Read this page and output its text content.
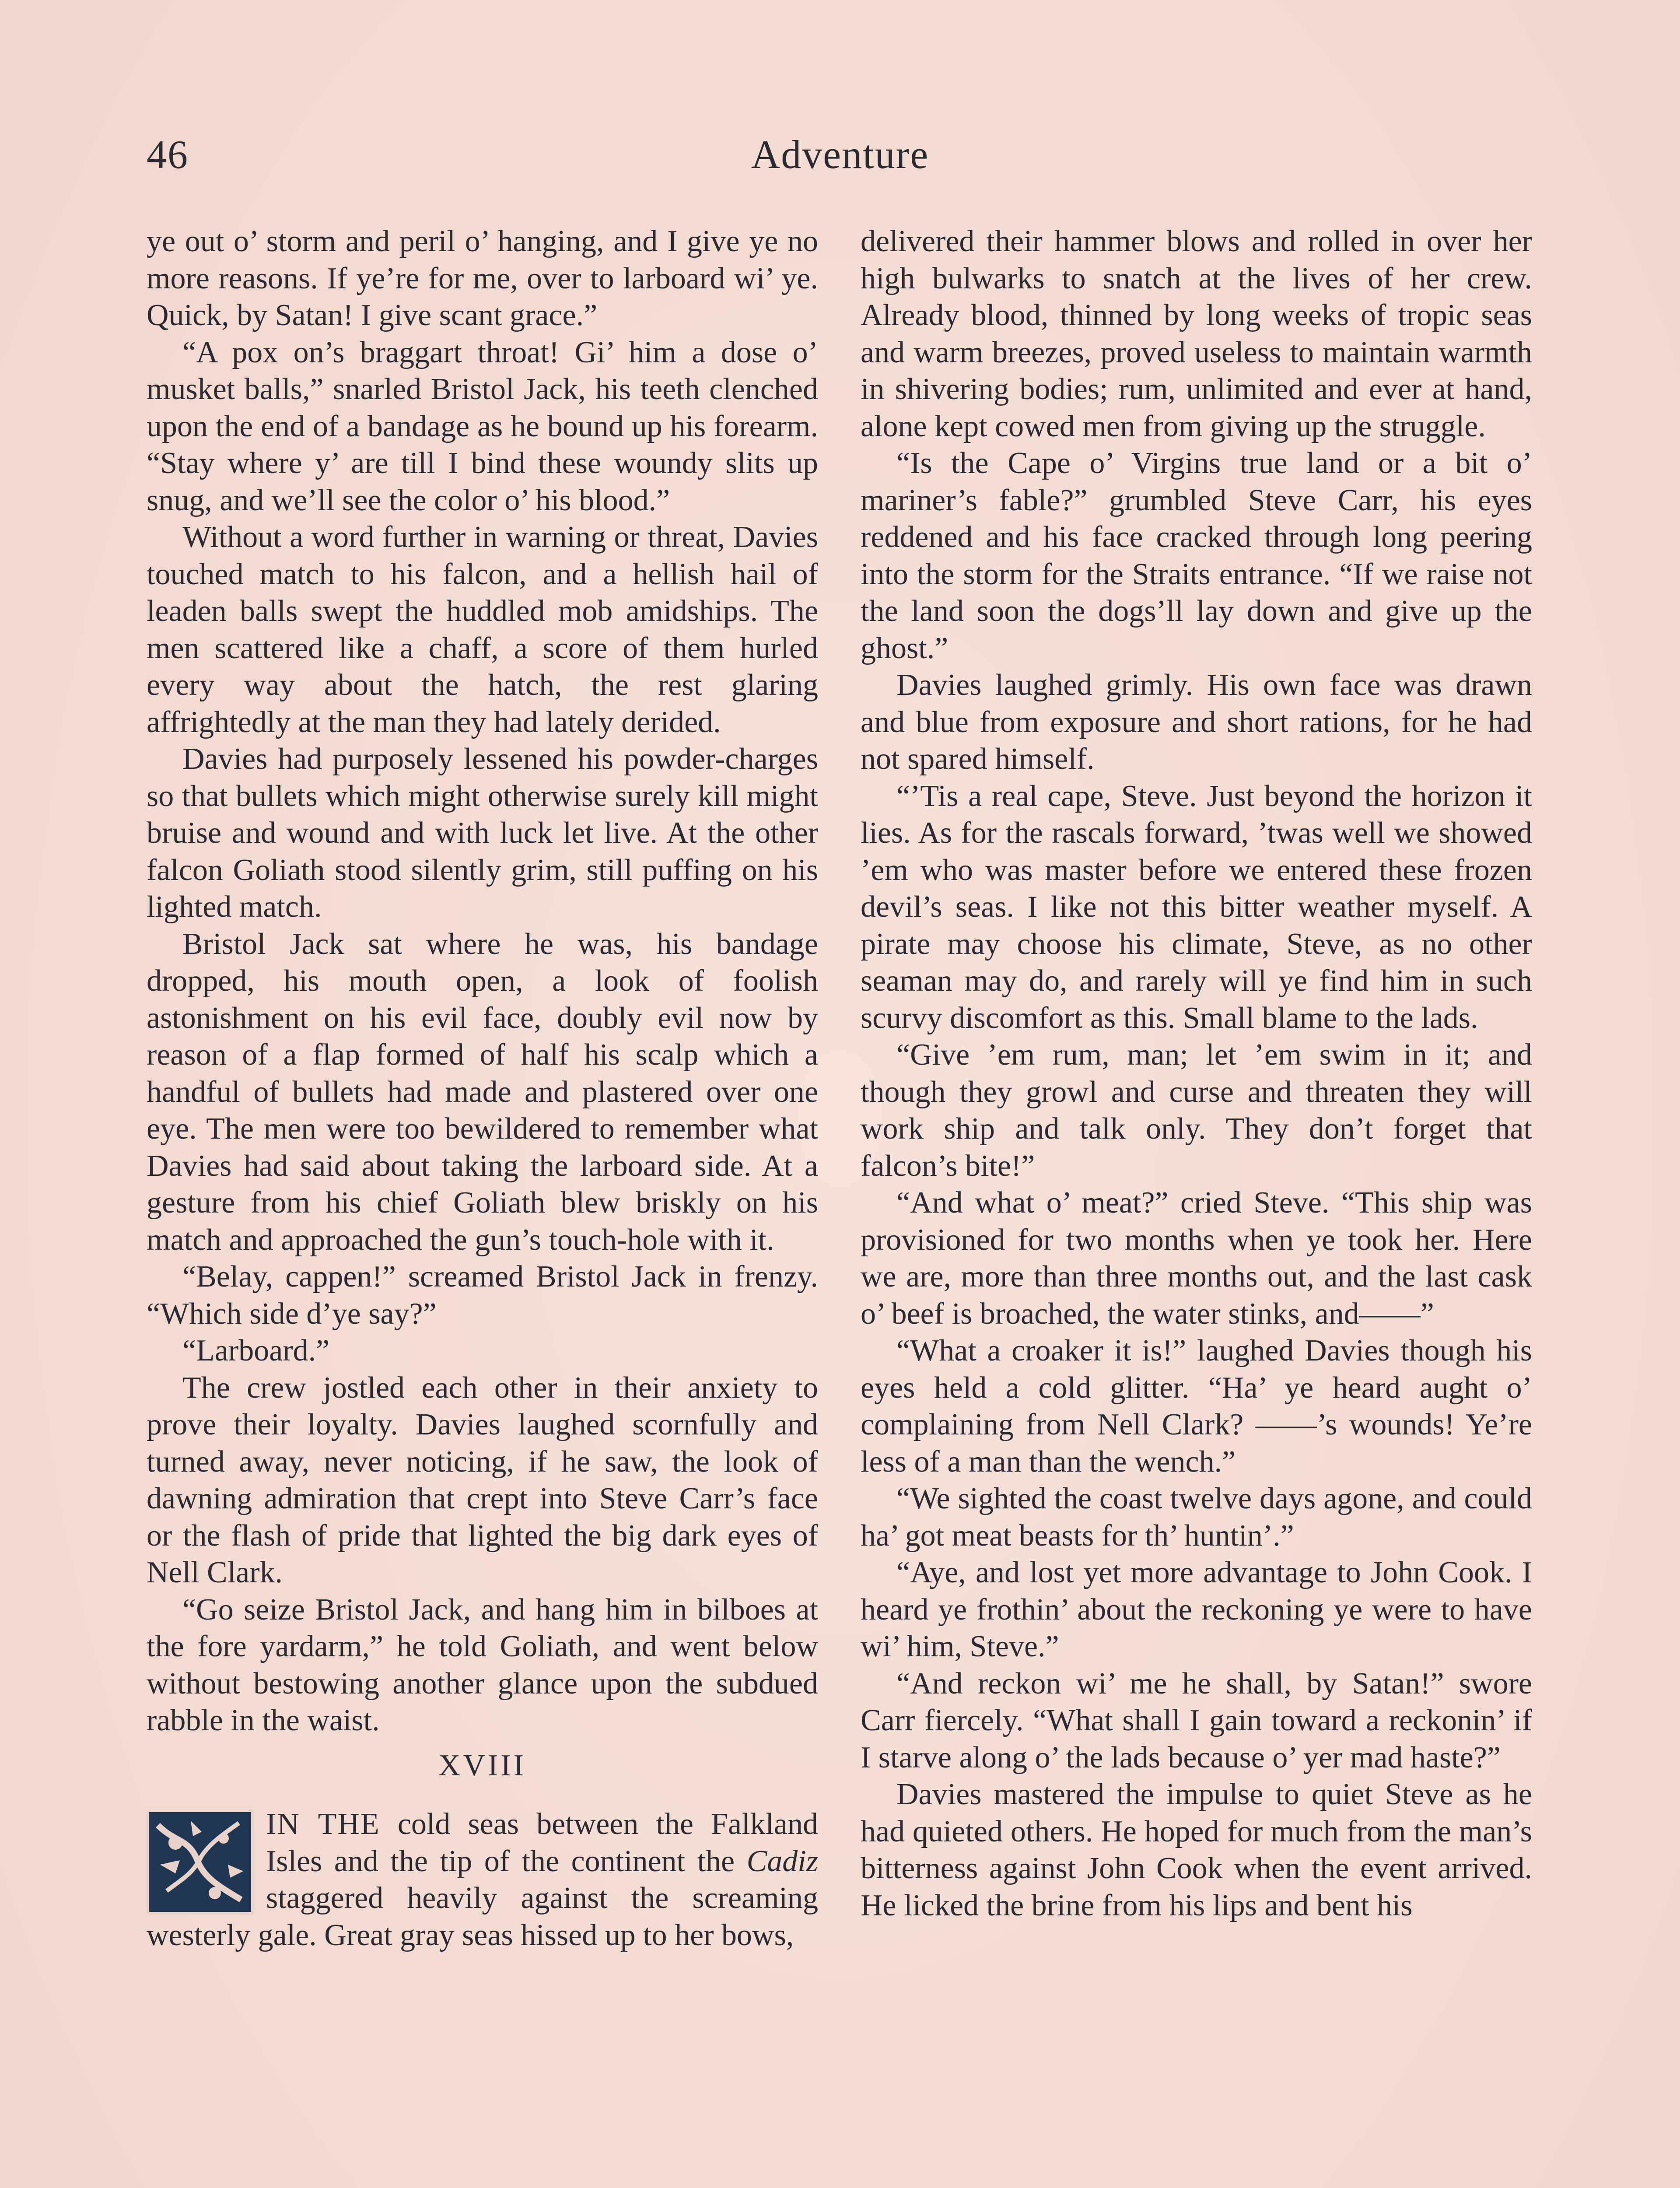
46	Adventure

ye out o’ storm and peril o’ hanging, and I give ye no more reasons. If ye’re for me, over to larboard wi’ ye. Quick, by Satan! I give scant grace.”

“A pox on’s braggart throat! Gi’ him a dose o’ musket balls,” snarled Bristol Jack, his teeth clenched upon the end of a bandage as he bound up his forearm. “Stay where y’ are till I bind these woundy slits up snug, and we’ll see the color o’ his blood.”

Without a word further in warning or threat, Davies touched match to his falcon, and a hellish hail of leaden balls swept the huddled mob amidships. The men scattered like a chaff, a score of them hurled every way about the hatch, the rest glaring affrightedly at the man they had lately derided.

Davies had purposely lessened his powder-charges so that bullets which might otherwise surely kill might bruise and wound and with luck let live. At the other falcon Goliath stood silently grim, still puffing on his lighted match.

Bristol Jack sat where he was, his bandage dropped, his mouth open, a look of foolish astonishment on his evil face, doubly evil now by reason of a flap formed of half his scalp which a handful of bullets had made and plastered over one eye. The men were too bewildered to remember what Davies had said about taking the larboard side. At a gesture from his chief Goliath blew briskly on his match and approached the gun’s touch-hole with it.

“Belay, cappen!” screamed Bristol Jack in frenzy. “Which side d’ye say?”

“Larboard.”

The crew jostled each other in their anxiety to prove their loyalty. Davies laughed scornfully and turned away, never noticing, if he saw, the look of dawning admiration that crept into Steve Carr’s face or the flash of pride that lighted the big dark eyes of Nell Clark.

“Go seize Bristol Jack, and hang him in bilboes at the fore yardarm,” he told Goliath, and went below without bestowing another glance upon the subdued rabble in the waist.

XVIII

IN THE cold seas between the Falkland Isles and the tip of the continent the Cadiz staggered heavily against the screaming westerly gale. Great gray seas hissed up to her bows,

delivered their hammer blows and rolled in over her high bulwarks to snatch at the lives of her crew. Already blood, thinned by long weeks of tropic seas and warm breezes, proved useless to maintain warmth in shivering bodies; rum, unlimited and ever at hand, alone kept cowed men from giving up the struggle.

“Is the Cape o’ Virgins true land or a bit o’ mariner’s fable?” grumbled Steve Carr, his eyes reddened and his face cracked through long peering into the storm for the Straits entrance. “If we raise not the land soon the dogs’ll lay down and give up the ghost.”

Davies laughed grimly. His own face was drawn and blue from exposure and short rations, for he had not spared himself.

“’Tis a real cape, Steve. Just beyond the horizon it lies. As for the rascals forward, ’twas well we showed ’em who was master before we entered these frozen devil’s seas. I like not this bitter weather myself. A pirate may choose his climate, Steve, as no other seaman may do, and rarely will ye find him in such scurvy discomfort as this. Small blame to the lads.

“Give ’em rum, man; let ’em swim in it; and though they growl and curse and threaten they will work ship and talk only. They don’t forget that falcon’s bite!”

“And what o’ meat?” cried Steve. “This ship was provisioned for two months when ye took her. Here we are, more than three months out, and the last cask o’ beef is broached, the water stinks, and——”

“What a croaker it is!” laughed Davies though his eyes held a cold glitter. “Ha’ ye heard aught o’ complaining from Nell Clark? ——’s wounds! Ye’re less of a man than the wench.”

“We sighted the coast twelve days agone, and could ha’ got meat beasts for th’ huntin’.”

“Aye, and lost yet more advantage to John Cook. I heard ye frothin’ about the reckoning ye were to have wi’ him, Steve.”

“And reckon wi’ me he shall, by Satan!” swore Carr fiercely. “What shall I gain toward a reckonin’ if I starve along o’ the lads because o’ yer mad haste?”

Davies mastered the impulse to quiet Steve as he had quieted others. He hoped for much from the man’s bitterness against John Cook when the event arrived. He licked the brine from his lips and bent his
